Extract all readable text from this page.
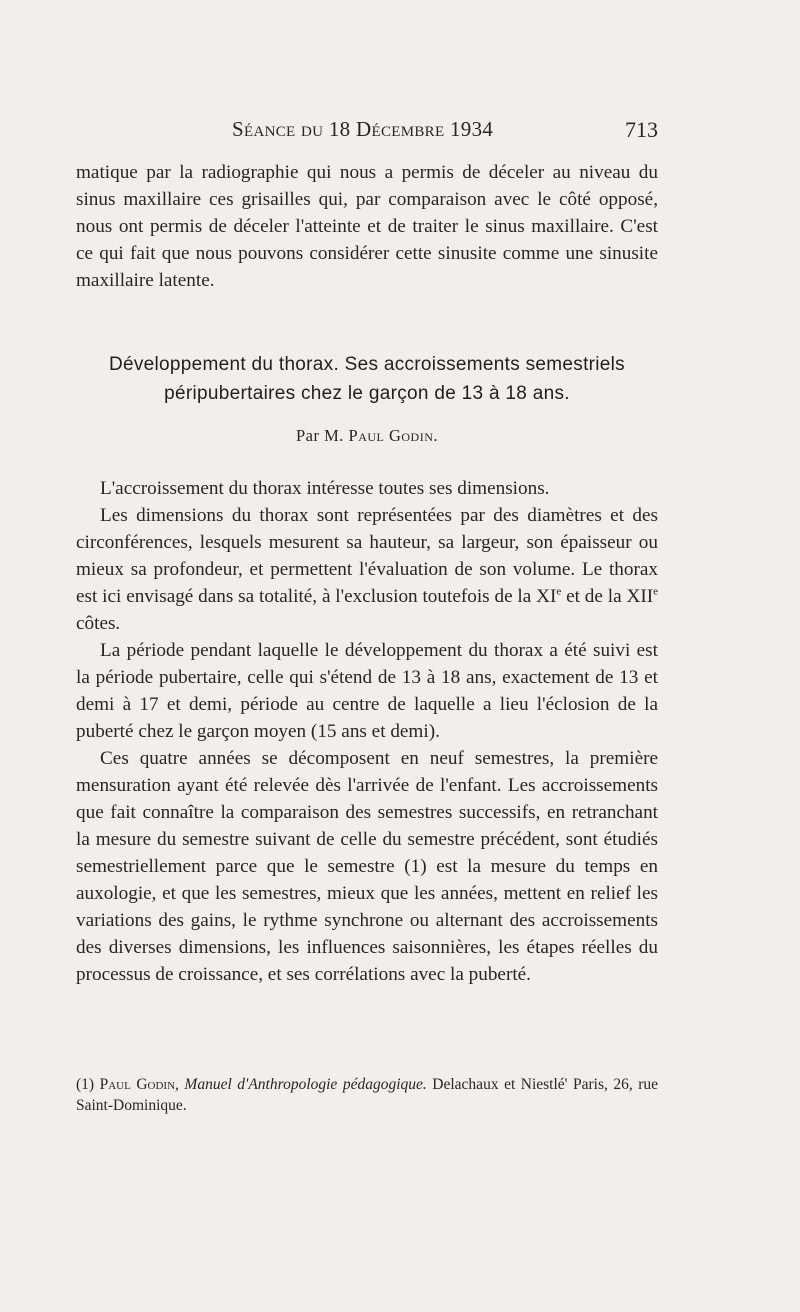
Séance du 18 Décembre 1934	713

matique par la radiographie qui nous a permis de déceler au niveau du sinus maxillaire ces grisailles qui, par comparaison avec le côté opposé, nous ont permis de déceler l'atteinte et de traiter le sinus maxillaire. C'est ce qui fait que nous pouvons considérer cette sinusite comme une sinusite maxillaire latente.

Développement du thorax. Ses accroissements semestriels
péripubertaires chez le garçon de 13 à 18 ans.
Par M. Paul Godin.

L'accroissement du thorax intéresse toutes ses dimensions.

Les dimensions du thorax sont représentées par des diamètres et des circonférences, lesquels mesurent sa hauteur, sa largeur, son épaisseur ou mieux sa profondeur, et permettent l'évaluation de son volume. Le thorax est ici envisagé dans sa totalité, à l'exclusion toutefois de la XIe et de la XIIe côtes.

La période pendant laquelle le développement du thorax a été suivi est la période pubertaire, celle qui s'étend de 13 à 18 ans, exactement de 13 et demi à 17 et demi, période au centre de laquelle a lieu l'éclosion de la puberté chez le garçon moyen (15 ans et demi).

Ces quatre années se décomposent en neuf semestres, la première mensuration ayant été relevée dès l'arrivée de l'enfant. Les accroissements que fait connaître la comparaison des semestres successifs, en retranchant la mesure du semestre suivant de celle du semestre précédent, sont étudiés semestriellement parce que le semestre (1) est la mesure du temps en auxologie, et que les semestres, mieux que les années, mettent en relief les variations des gains, le rythme synchrone ou alternant des accroissements des diverses dimensions, les influences saisonnières, les étapes réelles du processus de croissance, et ses corrélations avec la puberté.

(1) Paul Godin, Manuel d'Anthropologie pédagogique. Delachaux et Niestlé' Paris, 26, rue Saint-Dominique.
